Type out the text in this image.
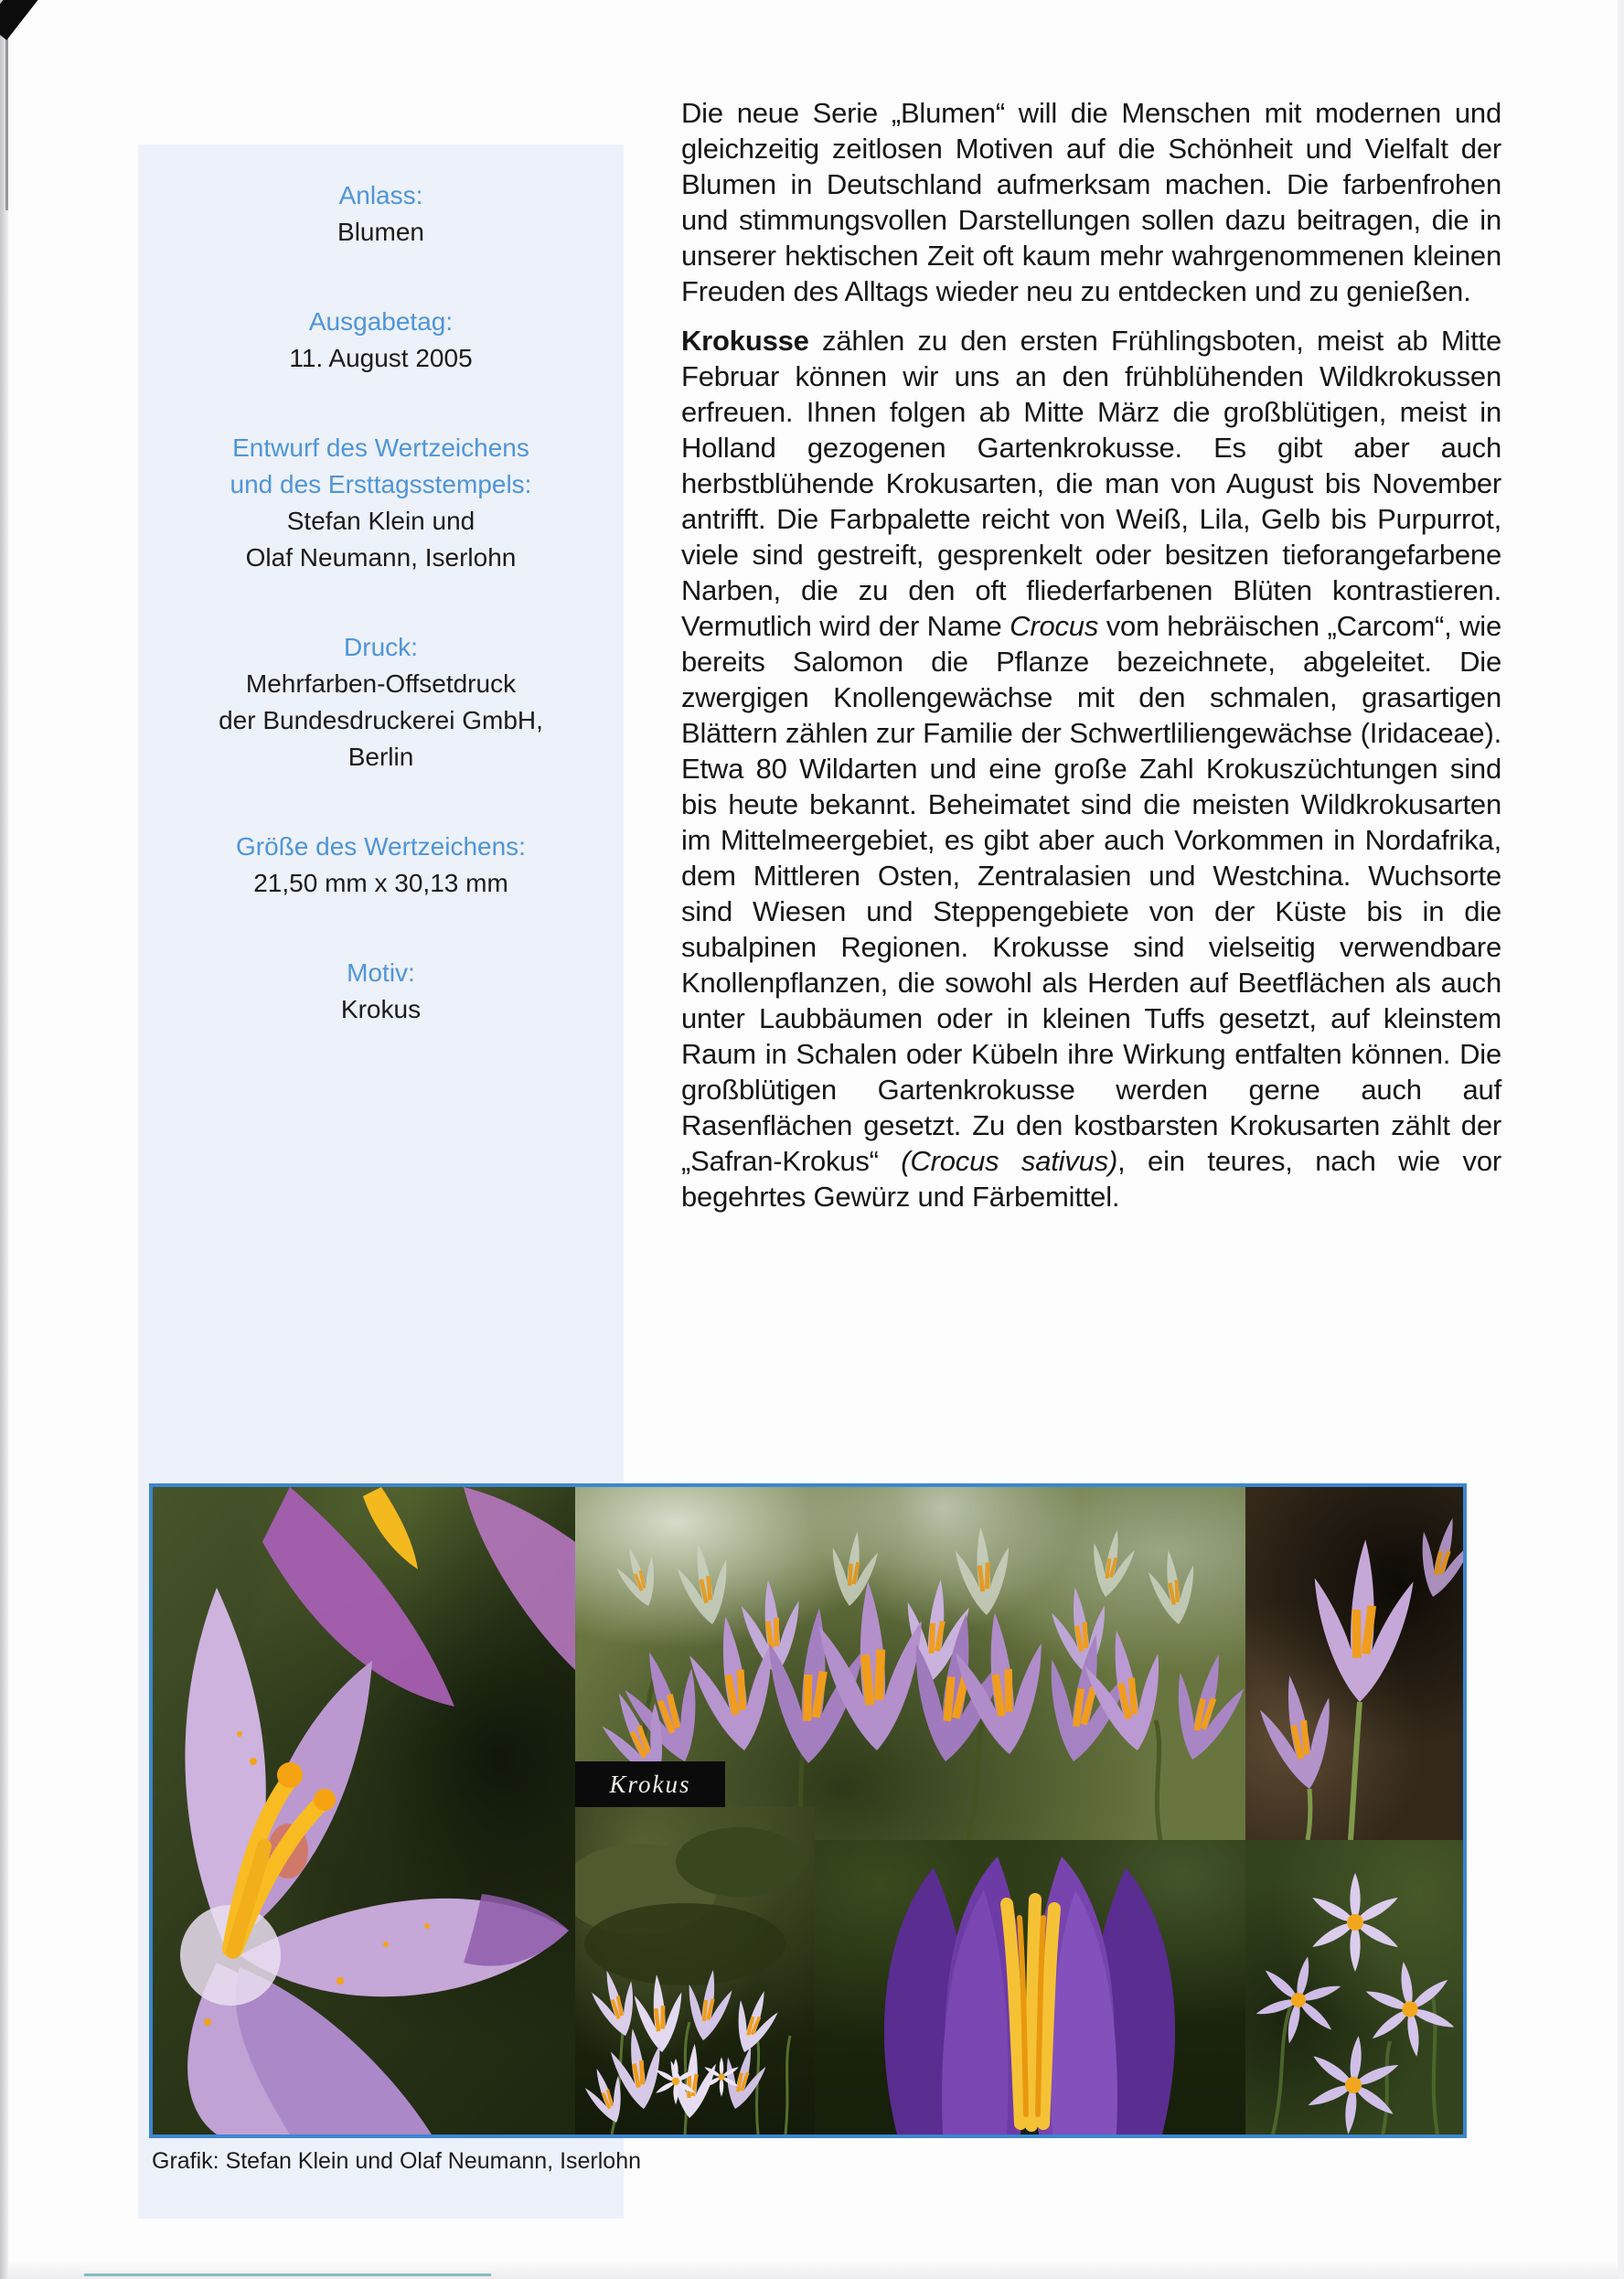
Anlass:
Blumen
Ausgabetag:
11. August 2005
Entwurf des Wertzeichens
und des Ersttagsstempels:
Stefan Klein und
Olaf Neumann, Iserlohn
Druck:
Mehrfarben-Offsetdruck
der Bundesdruckerei GmbH,
Berlin
Größe des Wertzeichens:
21,50 mm x 30,13 mm
Motiv:
Krokus

Die neue Serie „Blumen“ will die Menschen mit modernen und gleichzeitig zeitlosen Motiven auf die Schönheit und Vielfalt der Blumen in Deutschland aufmerksam machen. Die farbenfrohen und stimmungsvollen Darstellungen sollen dazu beitragen, die in unserer hektischen Zeit oft kaum mehr wahrgenommenen kleinen Freuden des Alltags wieder neu zu entdecken und zu genießen.

Krokusse zählen zu den ersten Frühlingsboten, meist ab Mitte Februar können wir uns an den frühblühenden Wildkrokussen erfreuen. Ihnen folgen ab Mitte März die großblütigen, meist in Holland gezogenen Gartenkrokusse. Es gibt aber auch herbstblühende Krokusarten, die man von August bis November antrifft. Die Farbpalette reicht von Weiß, Lila, Gelb bis Purpurrot, viele sind gestreift, gesprenkelt oder besitzen tieforangefarbene Narben, die zu den oft fliederfarbenen Blüten kontrastieren. Vermutlich wird der Name Crocus vom hebräischen „Carcom“, wie bereits Salomon die Pflanze bezeichnete, abgeleitet. Die zwergigen Knollengewächse mit den schmalen, grasartigen Blättern zählen zur Familie der Schwertliliengewächse (Iridaceae). Etwa 80 Wildarten und eine große Zahl Krokuszüchtungen sind bis heute bekannt. Beheimatet sind die meisten Wildkrokusarten im Mittelmeergebiet, es gibt aber auch Vorkommen in Nordafrika, dem Mittleren Osten, Zentralasien und Westchina. Wuchsorte sind Wiesen und Steppengebiete von der Küste bis in die subalpinen Regionen. Krokusse sind vielseitig verwendbare Knollenpflanzen, die sowohl als Herden auf Beetflächen als auch unter Laubbäumen oder in kleinen Tuffs gesetzt, auf kleinstem Raum in Schalen oder Kübeln ihre Wirkung entfalten können. Die großblütigen Gartenkrokusse werden gerne auch auf Rasenflächen gesetzt. Zu den kostbarsten Krokusarten zählt der „Safran-Krokus“ (Crocus sativus), ein teures, nach wie vor begehrtes Gewürz und Färbemittel.

Krokus
Grafik: Stefan Klein und Olaf Neumann, Iserlohn
